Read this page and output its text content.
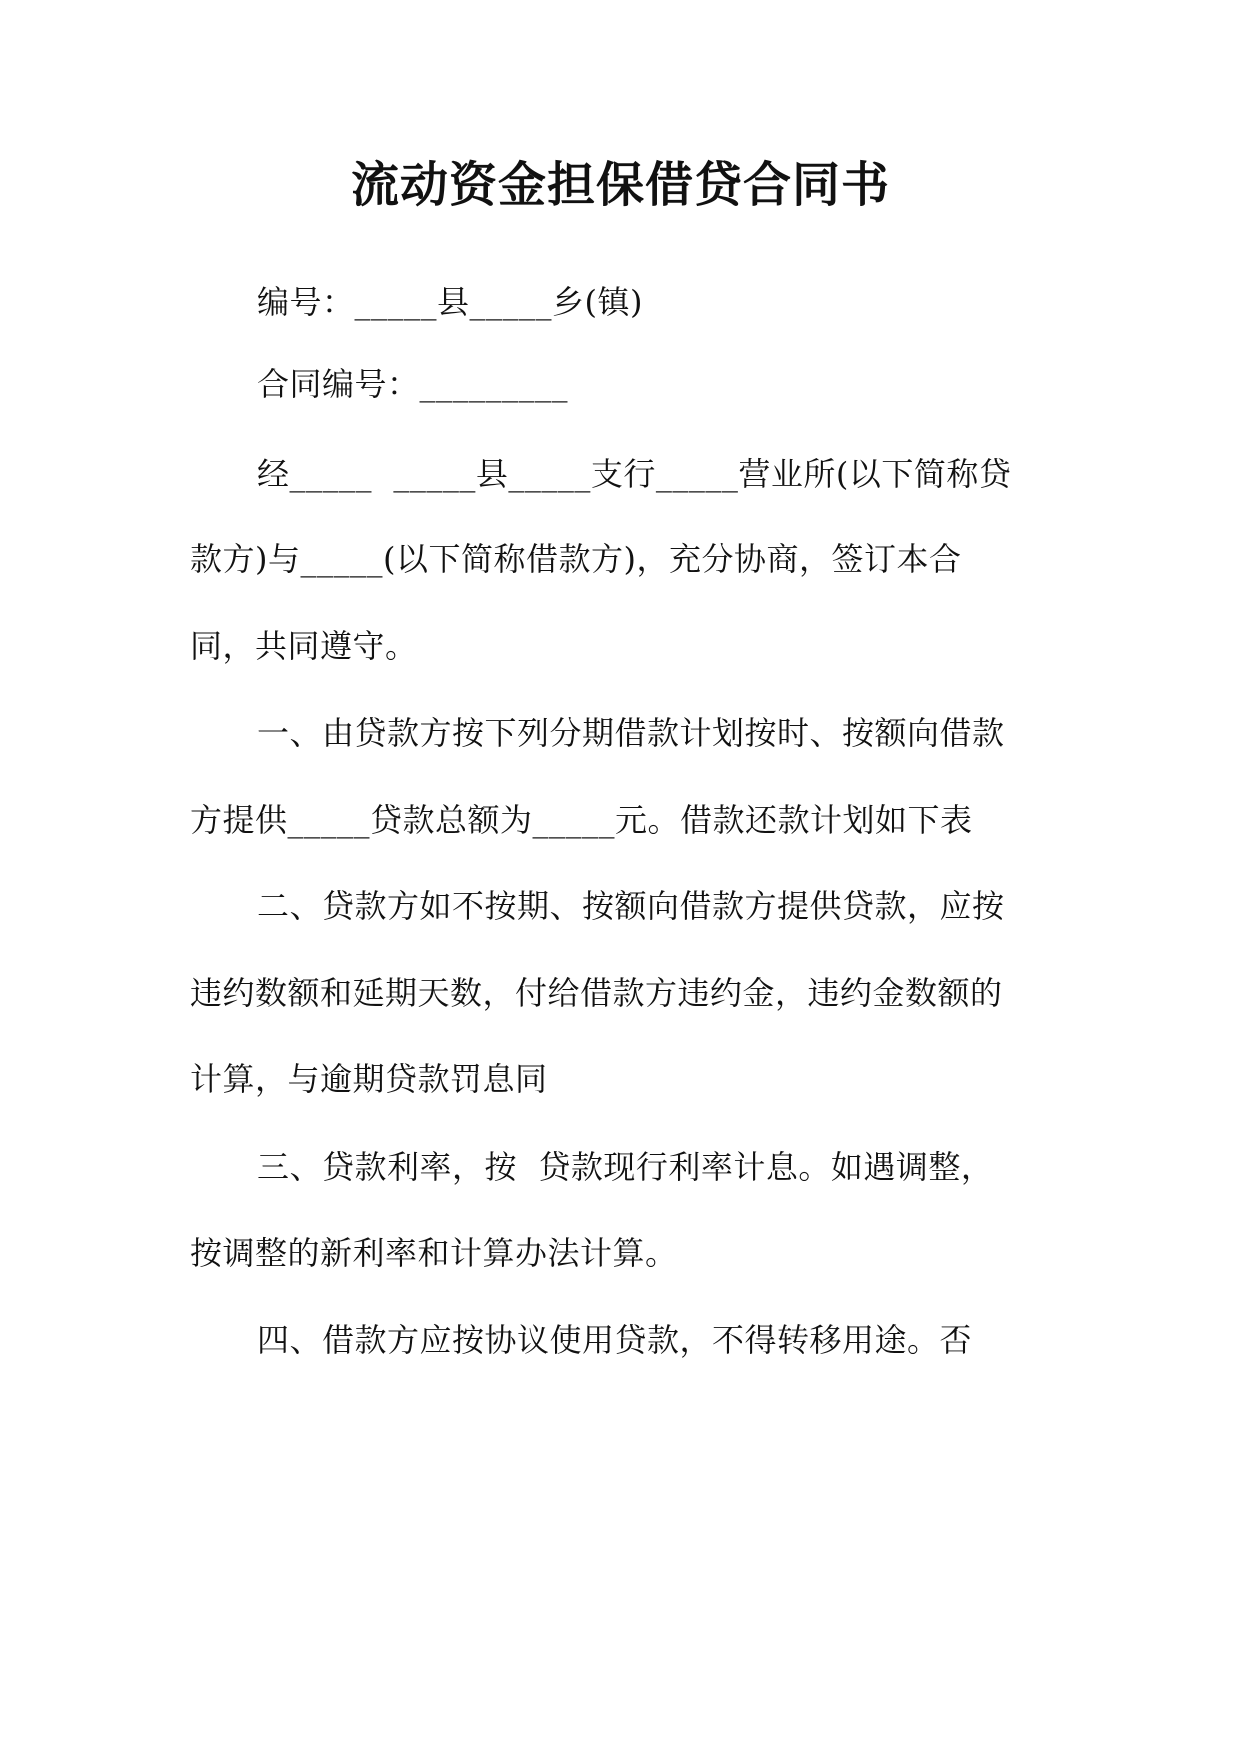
流动资金担保借贷合同书
编号：_____县_____乡(镇)
合同编号：_________
经_____  _____县_____支行_____营业所(以下简称贷
款方)与_____(以下简称借款方)，充分协商，签订本合
同，共同遵守。
一、由贷款方按下列分期借款计划按时、按额向借款
方提供_____贷款总额为_____元。借款还款计划如下表
二、贷款方如不按期、按额向借款方提供贷款，应按
违约数额和延期天数，付给借款方违约金，违约金数额的
计算，与逾期贷款罚息同
三、贷款利率，按  贷款现行利率计息。如遇调整，
按调整的新利率和计算办法计算。
四、借款方应按协议使用贷款，不得转移用途。否
